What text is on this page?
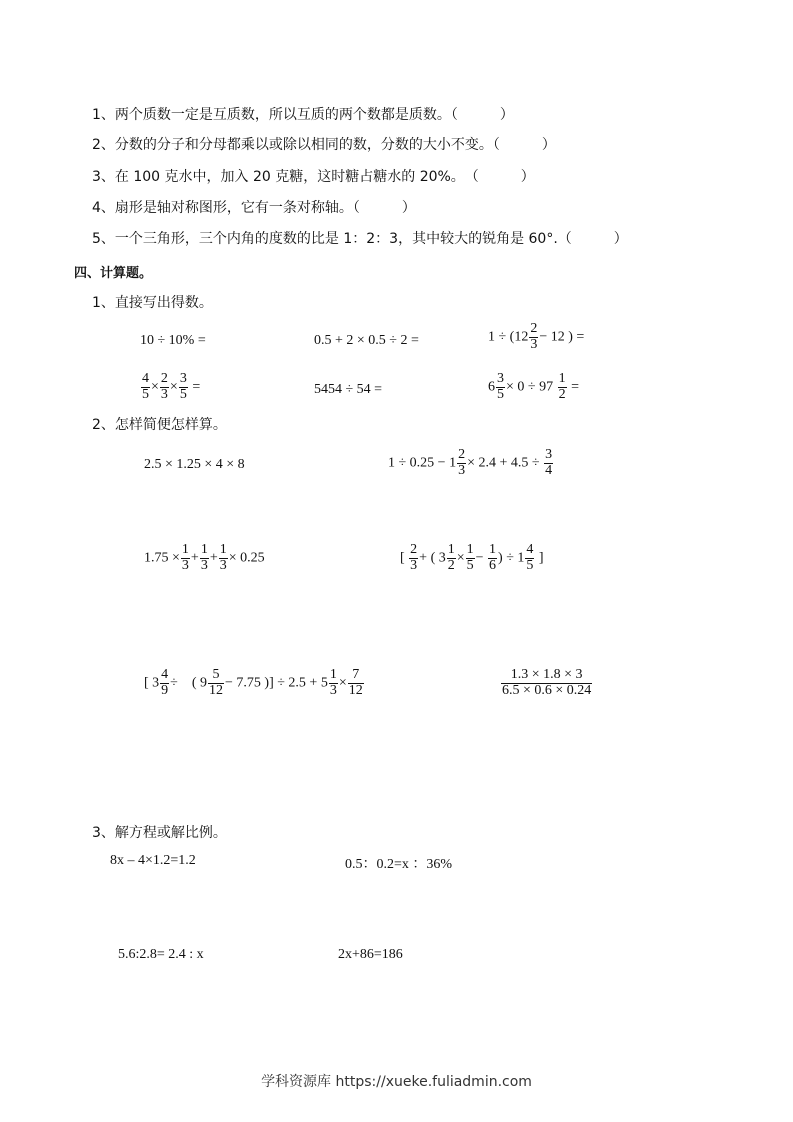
1、两个质数一定是互质数，所以互质的两个数都是质数。（　　　）
2、分数的分子和分母都乘以或除以相同的数，分数的大小不变。（　　　）
3、在 100 克水中，加入 20 克糖，这时糖占糖水的 20%。　（　　　）
4、扇形是轴对称图形，它有一条对称轴。（　　　）
5、一个三角形，三个内角的度数的比是 1：2：3，其中较大的锐角是 60°.（　　　）
四、计算题。
1、直接写出得数。
10 ÷ 10% =	0.5 + 2 × 0.5 ÷ 2 =	$1 \div (12 \frac{2}{3} - 12$ ) =
$\frac{4}{5} \times \frac{2}{3} \times \frac{3}{5}$ =	5454 ÷ 54 =	$6 \frac{3}{5} \times 0 \div 97 \frac{1}{2}$ =
2、怎样简便怎样算。
2.5 × 1.25 × 4 × 8	$1 \div 0.25 - 1 \frac{2}{3} \times 2.4 + 4.5 \div \frac{3}{4}$
$1.75 \times \frac{1}{3} + \frac{1}{3} + \frac{1}{3} \times 0.25$	[ $\frac{2}{3}$ + ( $3 \frac{1}{2} \times \frac{1}{5} - \frac{1}{6}$ ) ÷ $1 \frac{4}{5}$ ]
[ $3 \frac{4}{9}$ ÷　( $9 \frac{5}{12} - 7.75$ )] ÷ $2.5 + 5 \frac{1}{3} \times \frac{7}{12}$	$\frac{1.3 \times 1.8 \times 3}{6.5 \times 0.6 \times 0.24}$
3、解方程或解比例。
8x – 4×1.2=1.2	0.5：0.2=x ：36%
5.6:2.8= 2.4 : x	2x+86=186
学科资源库 https://xueke.fuliadmin.com
